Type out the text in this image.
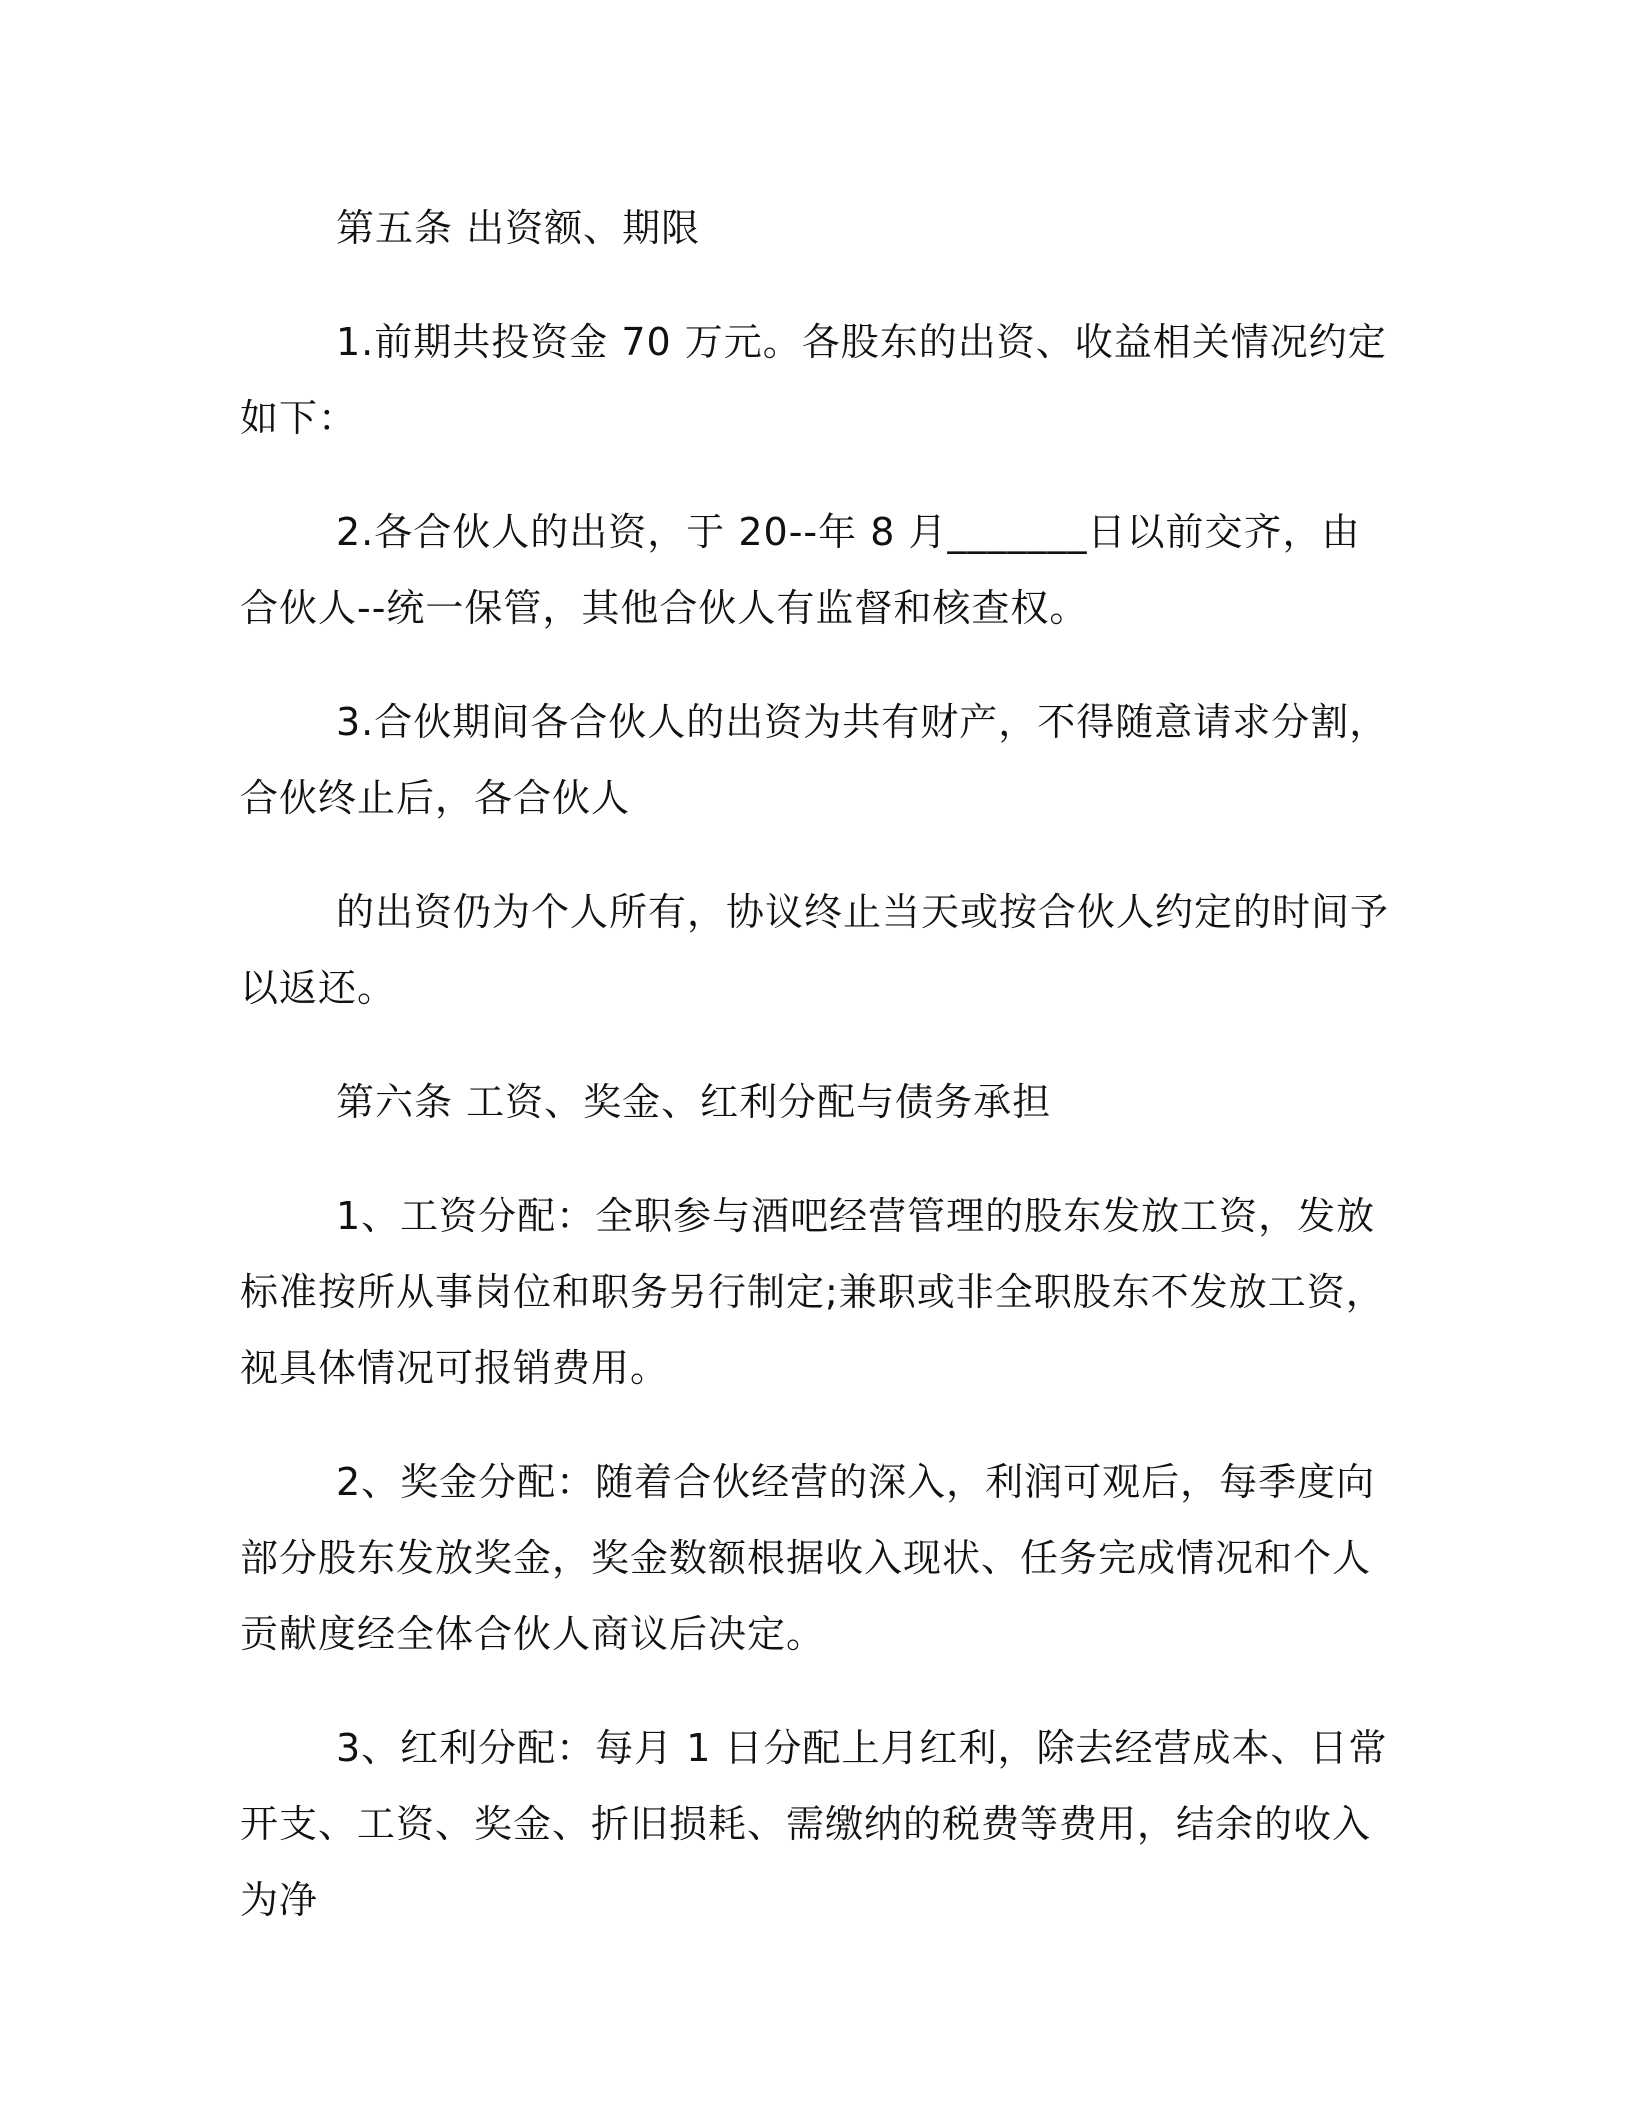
第五条 出资额、期限

1.前期共投资金 70 万元。各股东的出资、收益相关情况约定如下：

2.各合伙人的出资，于 20--年 8 月_______日以前交齐，由合伙人--统一保管，其他合伙人有监督和核查权。

3.合伙期间各合伙人的出资为共有财产，不得随意请求分割，合伙终止后，各合伙人

的出资仍为个人所有，协议终止当天或按合伙人约定的时间予以返还。

第六条 工资、奖金、红利分配与债务承担

1、工资分配：全职参与酒吧经营管理的股东发放工资，发放标准按所从事岗位和职务另行制定;兼职或非全职股东不发放工资，视具体情况可报销费用。

2、奖金分配：随着合伙经营的深入，利润可观后，每季度向部分股东发放奖金，奖金数额根据收入现状、任务完成情况和个人贡献度经全体合伙人商议后决定。

3、红利分配：每月 1 日分配上月红利，除去经营成本、日常开支、工资、奖金、折旧损耗、需缴纳的税费等费用，结余的收入为净
